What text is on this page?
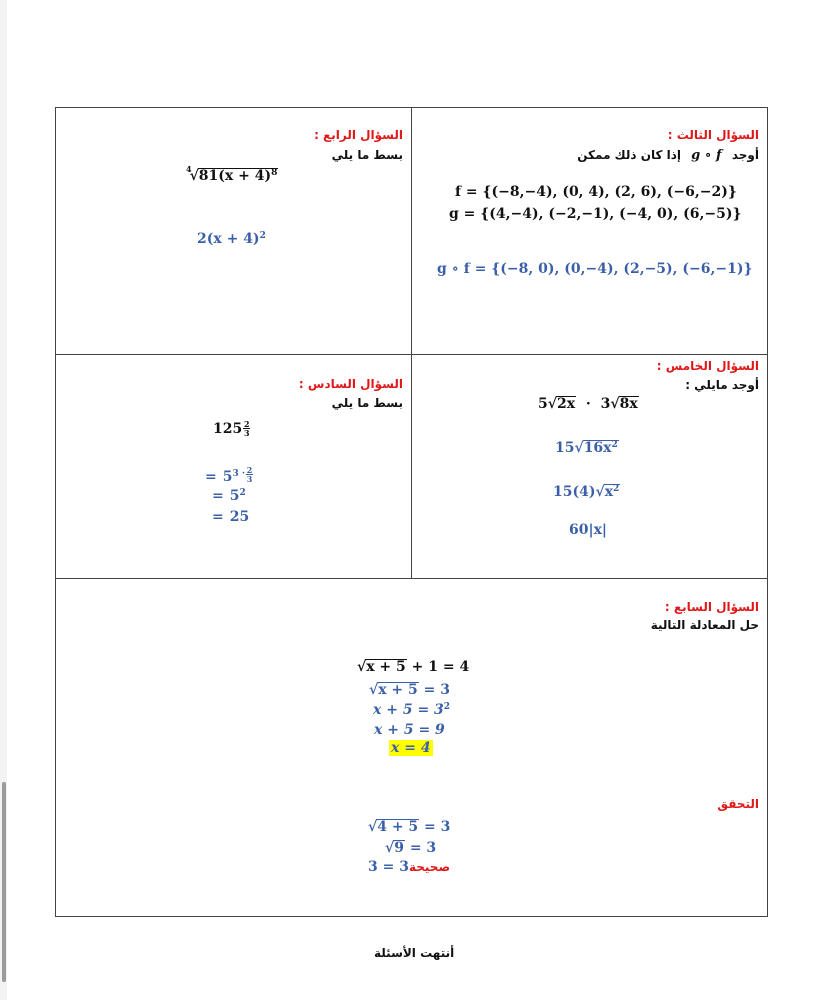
السؤال الثالث :
أوجد g ∘ f إذا كان ذلك ممكن
f = {(−8,−4), (0, 4), (2, 6), (−6,−2)}
g = {(4,−4), (−2,−1), (−4, 0), (6,−5)}
g ∘ f = {(−8, 0), (0,−4), (2,−5), (−6,−1)}
السؤال الرابع :
بسط ما يلي
$^4√81(x + 4)^8$
$2(x + 4)^2$
السؤال الخامس :
أوجد مايلي :
5√2x · 3√8x
$15√16x^2$
$15(4)√x^2$
60|x|
السؤال السادس :
بسط ما يلي
$125 \frac{2}{3}$
= $5^{3 \cdot} \frac{2}{3}$
= $5^2$
= 25
السؤال السابع :
حل المعادلة التالية
√x + 5 + 1 = 4
√x + 5 = 3
$x + 5 = 3^2$
x + 5 = 9
x = 4
التحقق
√4 + 5 = 3
√9 = 3
صحيحة3 = 3
أنتهت الأسئلة
